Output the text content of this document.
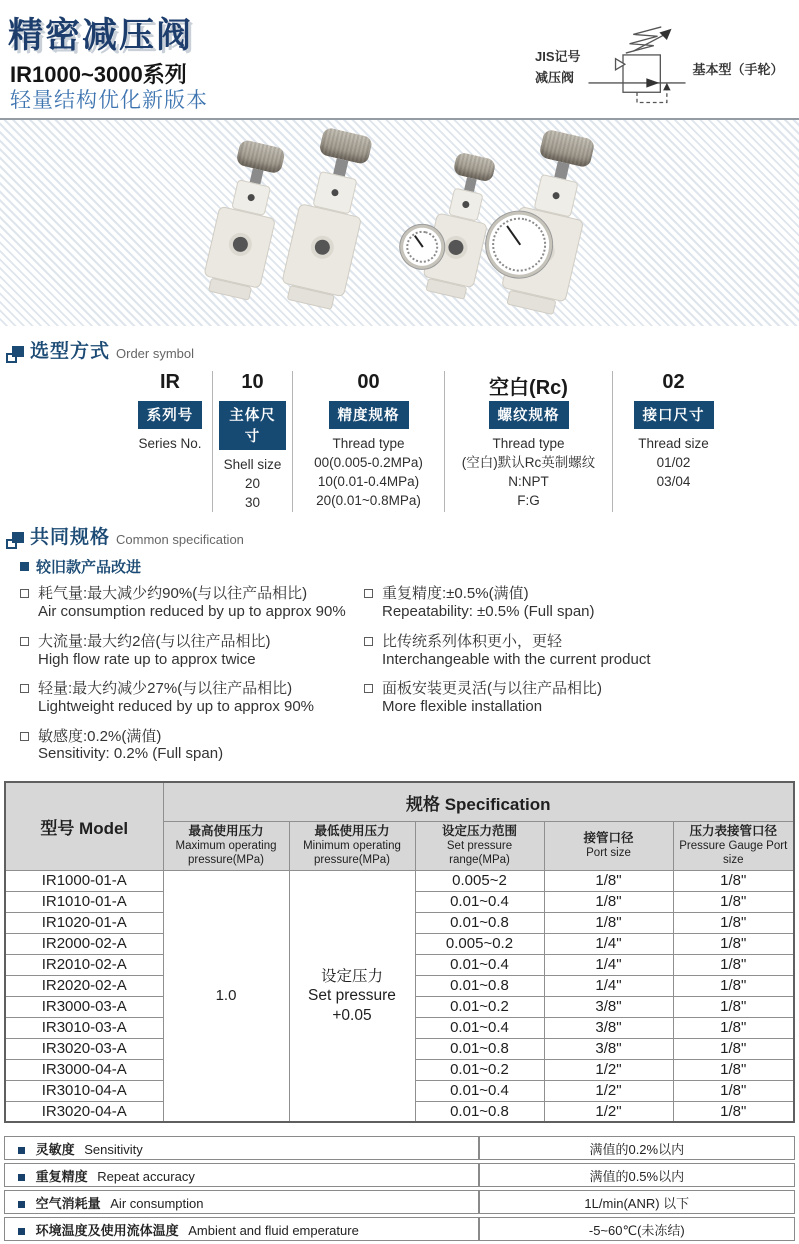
精密减压阀
IR1000~3000系列
轻量结构优化新版本
JIS记号
减压阀
基本型（手轮）
选型方式 Order symbol
IR
系列号
Series No.
10
主体尺寸
Shell size
20
30
00
精度规格
Thread type
00(0.005-0.2MPa)
10(0.01-0.4MPa)
20(0.01~0.8MPa)
空白(Rc)
螺纹规格
Thread type
(空白)默认Rc英制螺纹
N:NPT
F:G
02
接口尺寸
Thread size
01/02
03/04
共同规格 Common specification
较旧款产品改进
耗气量:最大减少约90%(与以往产品相比)
Air consumption reduced by up to approx 90%
大流量:最大约2倍(与以往产品相比)
High flow rate up to approx twice
轻量:最大约减少27%(与以往产品相比)
Lightweight reduced by up to approx 90%
敏感度:0.2%(满值)
Sensitivity: 0.2% (Full span)
重复精度:±0.5%(满值)
Repeatability: ±0.5% (Full span)
比传统系列体积更小，更轻
Interchangeable with the current product
面板安装更灵活(与以往产品相比)
More flexible installation
型号 Model	规格 Specification				

最高使用压力
Maximum operating pressure(MPa)

最低使用压力
Minimum operating pressure(MPa)

设定压力范围
Set pressure range(MPa)

接管口径
Port size

压力表接管口径
Pressure Gauge Port size

IR1000-01-A	1.0	设定压力
Set pressure
+0.05	0.005~2	1/8"	1/8"
IR1010-01-A			0.01~0.4	1/8"	1/8"
IR1020-01-A			0.01~0.8	1/8"	1/8"
IR2000-02-A			0.005~0.2	1/4"	1/8"
IR2010-02-A			0.01~0.4	1/4"	1/8"
IR2020-02-A			0.01~0.8	1/4"	1/8"
IR3000-03-A			0.01~0.2	3/8"	1/8"
IR3010-03-A			0.01~0.4	3/8"	1/8"
IR3020-03-A			0.01~0.8	3/8"	1/8"
IR3000-04-A			0.01~0.2	1/2"	1/8"
IR3010-04-A			0.01~0.4	1/2"	1/8"
IR3020-04-A			0.01~0.8	1/2"	1/8"
灵敏度 Sensitivity	满值的0.2%以内
重复精度 Repeat accuracy	满值的0.5%以内
空气消耗量 Air consumption	1L/min(ANR) 以下
环境温度及使用流体温度 Ambient and fluid emperature	-5~60℃(未冻结)
